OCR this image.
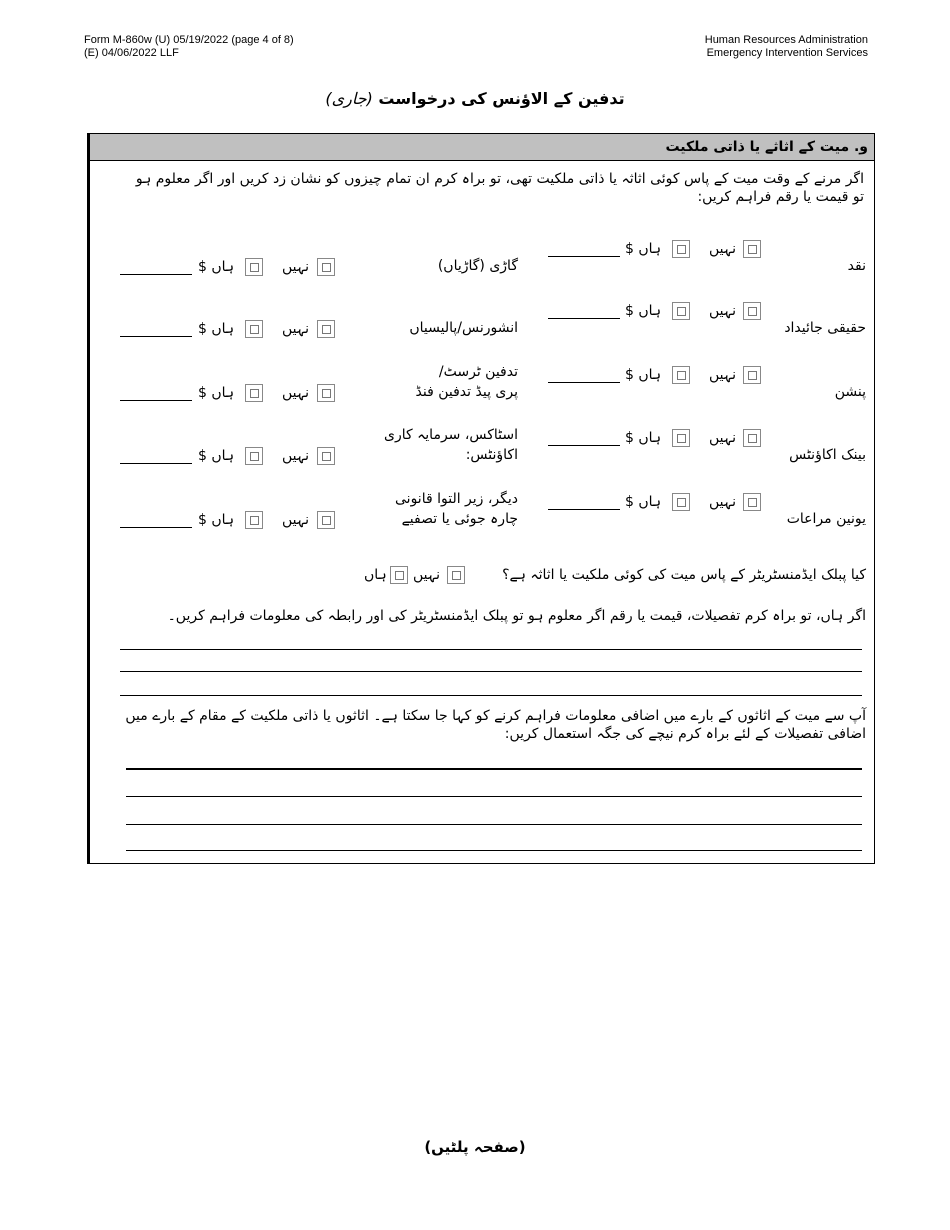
Form M-860w (U) 05/19/2022 (page 4 of 8)
(E) 04/06/2022 LLF
Human Resources Administration
Emergency Intervention Services
تدفین کے الاؤنس کی درخواست (جاری)
و. میت کے اثاثے یا ذاتی ملکیت
اگر مرنے کے وقت میت کے پاس کوئی اثاثہ یا ذاتی ملکیت تھی، تو براہ کرم ان تمام چیزوں کو نشان زد کریں اور اگر معلوم ہو تو قیمت یا رقم فراہم کریں:
نقد
نہیں
ہاں $
گاڑی (گاڑیاں)
نہیں
ہاں $
حقیقی جائیداد
نہیں
ہاں $
انشورنس/پالیسیاں
نہیں
ہاں $
پنشن
نہیں
ہاں $
تدفین ٹرسٹ/
پری پیڈ تدفین فنڈ
نہیں
ہاں $
بینک اکاؤنٹس
نہیں
ہاں $
اسٹاکس، سرمایہ کاری
اکاؤنٹس:
نہیں
ہاں $
یونین مراعات
نہیں
ہاں $
دیگر، زیر التوا قانونی
چارہ جوئی یا تصفیے
نہیں
ہاں $
کیا پبلک ایڈمنسٹریٹر کے پاس میت کی کوئی ملکیت یا اثاثہ ہے؟
نہیں
ہاں
اگر ہاں، تو براہ کرم تفصیلات، قیمت یا رقم اگر معلوم ہو تو پبلک ایڈمنسٹریٹر کی اور رابطہ کی معلومات فراہم کریں۔
آپ سے میت کے اثاثوں کے بارے میں اضافی معلومات فراہم کرنے کو کہا جا سکتا ہے۔ اثاثوں یا ذاتی ملکیت کے مقام کے بارے میں اضافی تفصیلات کے لئے براہ کرم نیچے کی جگہ استعمال کریں:
(صفحہ پلٹیں)
